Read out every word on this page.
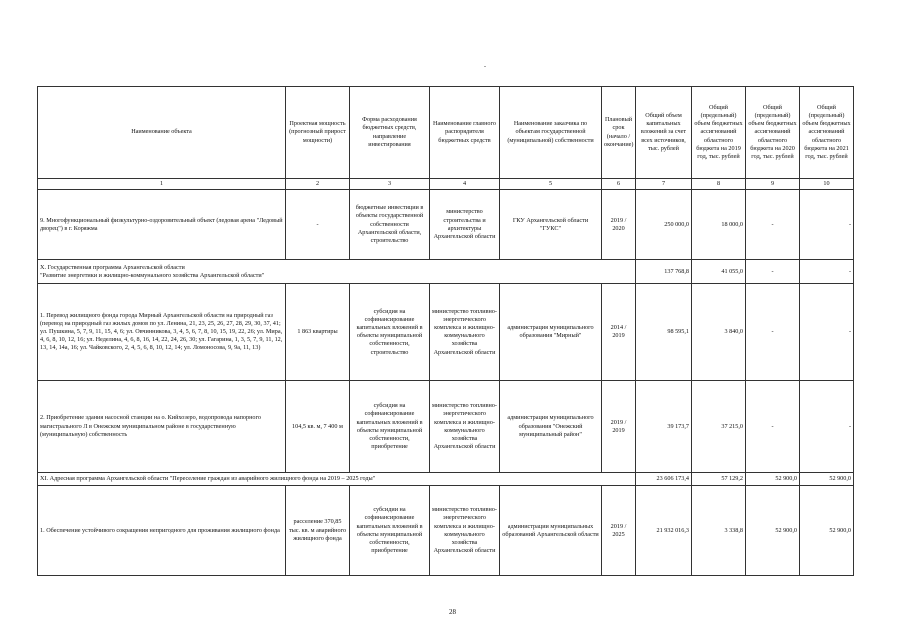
.
Наименование объекта	Проектная мощность (прогнозный прирост мощности)	Форма расходования бюджетных средств, направление инвестирования	Наименование главного распорядителя бюджетных средств	Наименование заказчика по объектам государственной (муниципальной) собственности	Плановый срок (начало / окончание)	Общий объем капитальных вложений за счет всех источников, тыс. рублей	Общий (предельный) объем бюджетных ассигнований областного бюджета на 2019 год, тыс. рублей	Общий (предельный) объем бюджетных ассигнований областного бюджета на 2020 год, тыс. рублей	Общий (предельный) объем бюджетных ассигнований областного бюджета на 2021 год, тыс. рублей
1	2	3	4	5	6	7	8	9	10
9. Многофункциональный физкультурно-оздоровительный объект (ледовая арена "Ледовый дворец") в г. Коряжма	-	бюджетные инвестиции в объекты государственной собственности Архангельской области, строительство	министерство строительства и архитектуры Архангельской области	ГКУ Архангельской области "ГУКС"	2019 / 2020	250 000,0	18 000,0	-	-

X. Государственная программа Архангельской области
"Развитие энергетики и жилищно-коммунального хозяйства Архангельской области"						137 768,8	41 055,0	-	-
1. Перевод жилищного фонда города Мирный Архангельской области на природный газ (перевод на природный газ жилых домов по ул. Ленина, 21, 23, 25, 26, 27, 28, 29, 30, 37, 41; ул. Пушкина, 5, 7, 9, 11, 15, 4, 6; ул. Овчинникова, 3, 4, 5, 6, 7, 8, 10, 15, 19, 22, 26; ул. Мира, 4, 6, 8, 10, 12, 16; ул. Неделина, 4, 6, 8, 16, 14, 22, 24, 26, 30; ул. Гагарина, 1, 3, 5, 7, 9, 11, 12, 13, 14, 14а, 16; ул. Чайковского, 2, 4, 5, 6, 8, 10, 12, 14; ул. Ломоносова, 9, 9а, 11, 13)	1 863 квартиры	субсидия на софинансирование капитальных вложений в объекты муниципальной собственности, строительство	министерство топливно-энергетического комплекса и жилищно-коммунального хозяйства Архангельской области	администрация муниципального образования "Мирный"	2014 / 2019	98 595,1	3 840,0	-	-
2. Приобретение здания насосной станции на о. Кийхозеро, водопровода напорного магистрального Л в Онежском муниципальном районе в государственную (муниципальную) собственность	104,5 кв. м, 7 400 м	субсидия на софинансирование капитальных вложений в объекты муниципальной собственности, приобретение	министерство топливно-энергетического комплекса и жилищно-коммунального хозяйства Архангельской области	администрация муниципального образования "Онежский муниципальный район"	2019 / 2019	39 173,7	37 215,0	-	-
XI. Адресная программа Архангельской области "Переселение граждан из аварийного жилищного фонда на 2019 – 2025 годы"						23 606 173,4	57 129,2	52 900,0	52 900,0
1. Обеспечение устойчивого сокращения непригодного для проживания жилищного фонда	расселение 370,85 тыс. кв. м аварийного жилищного фонда	субсидии на софинансирование капитальных вложений в объекты муниципальной собственности, приобретение	министерство топливно-энергетического комплекса и жилищно-коммунального хозяйства Архангельской области	администрации муниципальных образований Архангельской области	2019 / 2025	21 932 016,3	3 338,8	52 900,0	52 900,0
28
